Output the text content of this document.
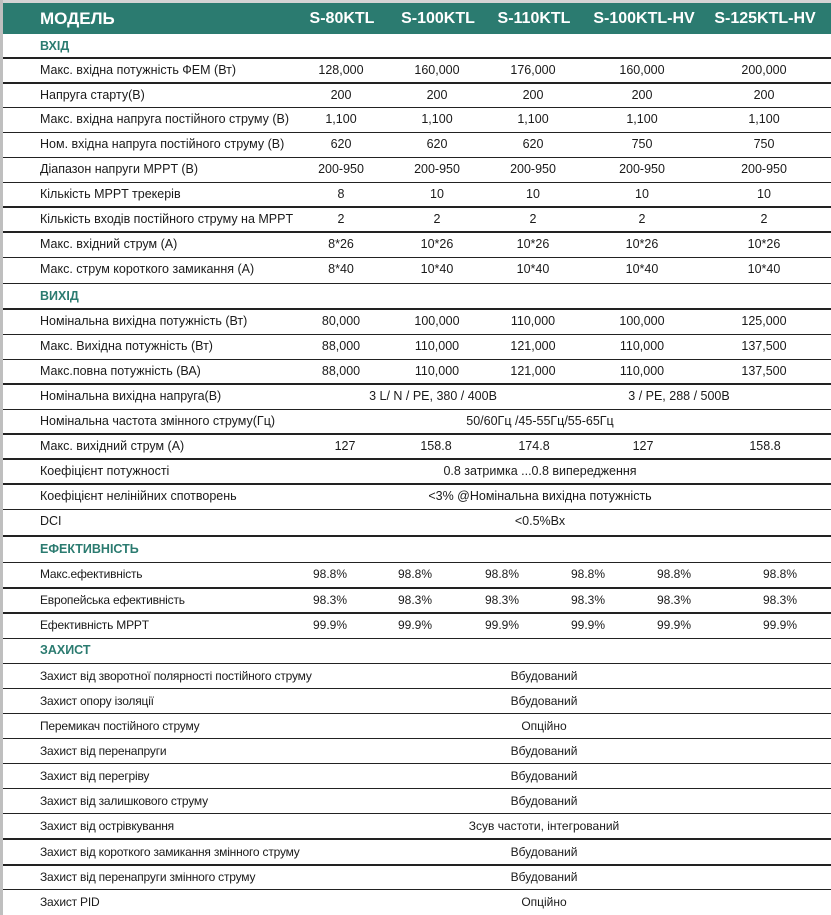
МОДЕЛЬ	S-80KTL S-100KTL S-110KTL S-100KTL-HV S-125KTL-HV
ВХІД
Макс. вхідна потужність ФЕМ (Вт)	128,000	160,000	176,000	160,000	200,000
Напруга старту(В)	200	200	200	200	200
Макс. вхідна напруга постійного струму (В)	1,100	1,100	1,100	1,100	1,100
Ном. вхідна напруга постійного струму (В)	620	620	620	750	750
Діапазон напруги MPPT (В)	200-950	200-950	200-950	200-950	200-950
Кількість MPPT трекерів	8	10	10	10	10
Кількість входів постійного струму на MPPT	2	2	2	2	2
Макс. вхідний струм (А)	8*26	10*26	10*26	10*26	10*26
Макс. струм короткого замикання (А)	8*40	10*40	10*40	10*40	10*40
ВИХІД
Номінальна вихідна потужність (Вт)	80,000	100,000	110,000	100,000	125,000
Макс. Вихідна потужність (Вт)	88,000	110,000	121,000	110,000	137,500
Макс.повна потужність (ВА)	88,000	110,000	121,000	110,000	137,500
Номінальна вихідна напруга(В)	3 L/ N / PE, 380 / 400В	3 / PE, 288 / 500В
Номінальна частота змінного струму(Гц)	50/60Гц /45-55Гц/55-65Гц
Макс. вихідний струм (А)	127	158.8	174.8	127	158.8
Коефіцієнт потужності	0.8 затримка ...0.8 випередження
Коефіцієнт нелінійних спотворень	<3% @Номінальна вихідна потужність
DCI	<0.5%Вх
ЕФЕКТИВНІСТЬ
Макс.ефективність	98.8%	98.8%	98.8%	98.8%	98.8%	98.8%
Европейська ефективність	98.3%	98.3%	98.3%	98.3%	98.3%	98.3%
Ефективність MPPT	99.9%	99.9%	99.9%	99.9%	99.9%	99.9%
ЗАХИСТ
Захист від зворотної полярності постійного струму	Вбудований
Захист опору ізоляції	Вбудований
Перемикач постійного струму	Опційно
Захист від перенапруги	Вбудований
Захист від перегріву	Вбудований
Захист від залишкового струму	Вбудований
Захист від острівкування	Зсув частоти, інтегрований
Захист від короткого замикання змінного струму	Вбудований
Захист від перенапруги змінного струму	Вбудований
Захист PID	Опційно
